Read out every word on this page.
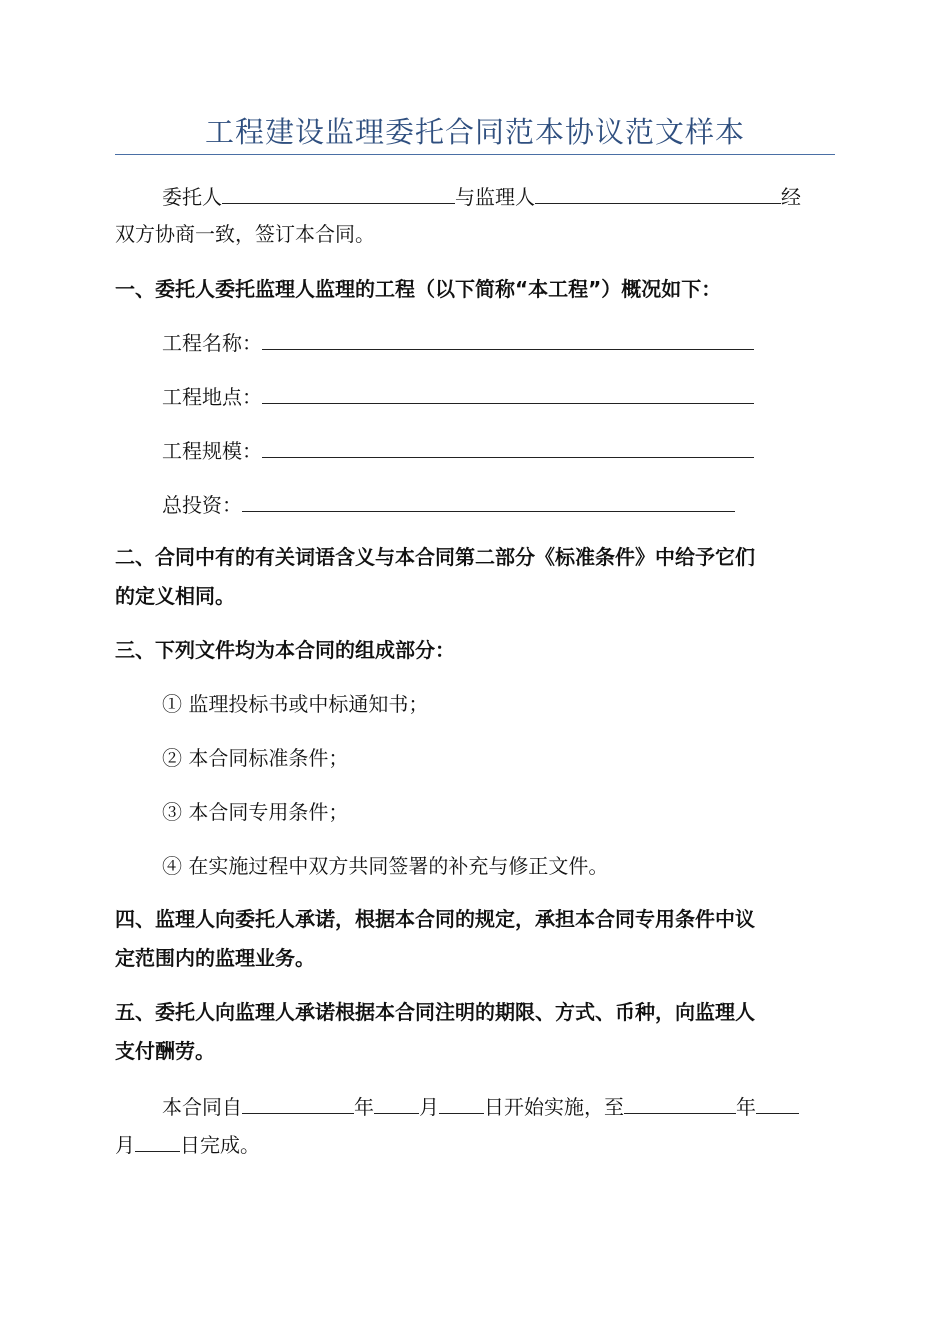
工程建设监理委托合同范本协议范文样本
委托人	与监理人	经
双方协商一致，签订本合同。
一、委托人委托监理人监理的工程（以下简称“本工程”）概况如下：
工程名称：
工程地点：
工程规模：
总投资：
二、合同中有的有关词语含义与本合同第二部分《标准条件》中给予它们
的定义相同。
三、下列文件均为本合同的组成部分：
① 监理投标书或中标通知书；
② 本合同标准条件；
③ 本合同专用条件；
④ 在实施过程中双方共同签署的补充与修正文件。
四、监理人向委托人承诺，根据本合同的规定，承担本合同专用条件中议
定范围内的监理业务。
五、委托人向监理人承诺根据本合同注明的期限、方式、币种，向监理人
支付酬劳。
本合同自	年 月 日开始实施，至	年
月 日完成。
